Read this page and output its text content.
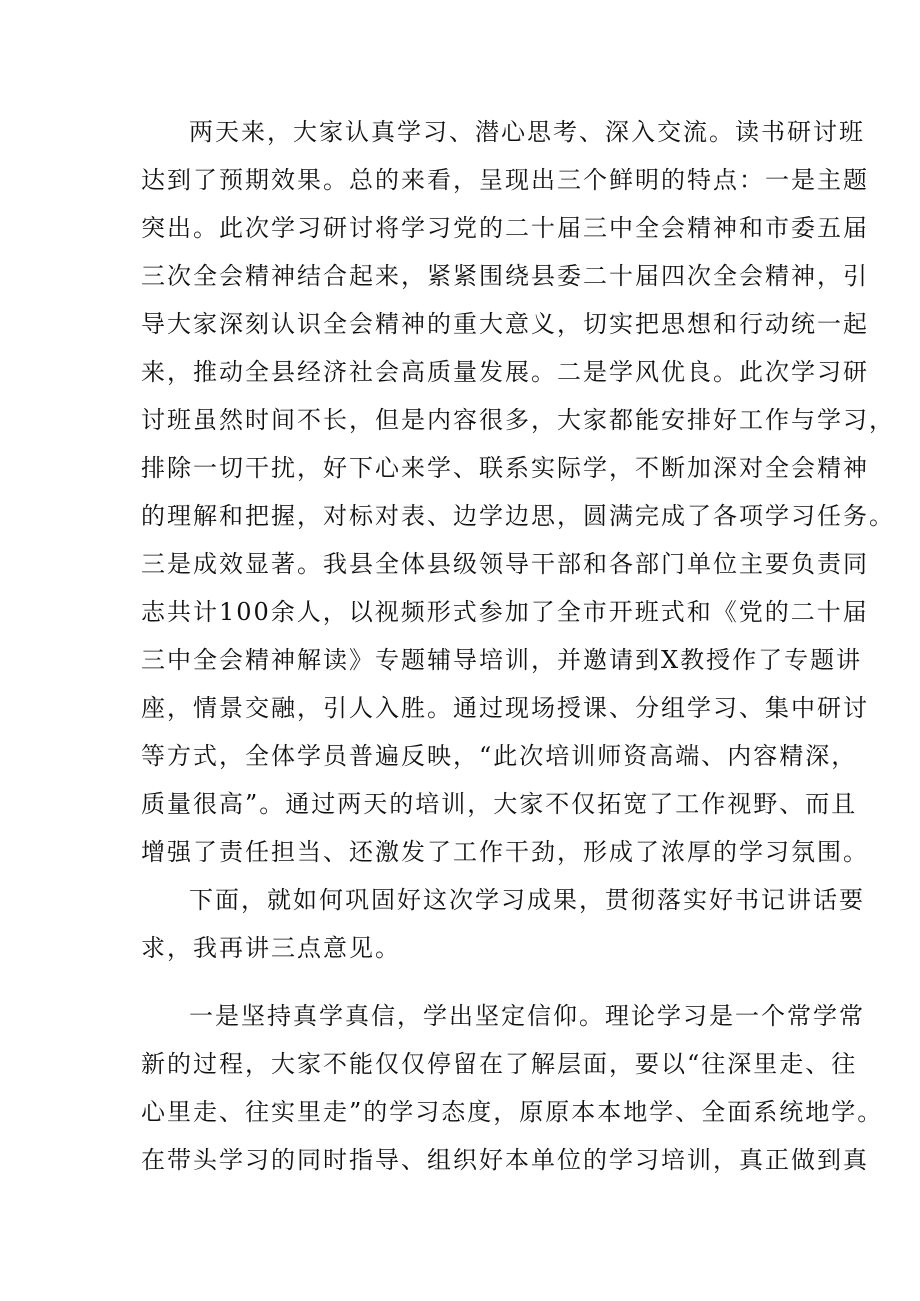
两天来，大家认真学习、潜心思考、深入交流。读书研讨班
达到了预期效果。总的来看，呈现出三个鲜明的特点：一是主题
突出。此次学习研讨将学习党的二十届三中全会精神和市委五届
三次全会精神结合起来，紧紧围绕县委二十届四次全会精神，引
导大家深刻认识全会精神的重大意义，切实把思想和行动统一起
来，推动全县经济社会高质量发展。二是学风优良。此次学习研
讨班虽然时间不长，但是内容很多，大家都能安排好工作与学习，
排除一切干扰，好下心来学、联系实际学，不断加深对全会精神
的理解和把握，对标对表、边学边思，圆满完成了各项学习任务。
三是成效显著。我县全体县级领导干部和各部门单位主要负责同
志共计100余人，以视频形式参加了全市开班式和《党的二十届
三中全会精神解读》专题辅导培训，并邀请到X教授作了专题讲
座，情景交融，引人入胜。通过现场授课、分组学习、集中研讨
等方式，全体学员普遍反映，“此次培训师资高端、内容精深，
质量很高”。通过两天的培训，大家不仅拓宽了工作视野、而且
增强了责任担当、还激发了工作干劲，形成了浓厚的学习氛围。
下面，就如何巩固好这次学习成果，贯彻落实好书记讲话要
求，我再讲三点意见。
一是坚持真学真信，学出坚定信仰。理论学习是一个常学常
新的过程，大家不能仅仅停留在了解层面，要以“往深里走、往
心里走、往实里走”的学习态度，原原本本地学、全面系统地学。
在带头学习的同时指导、组织好本单位的学习培训，真正做到真
